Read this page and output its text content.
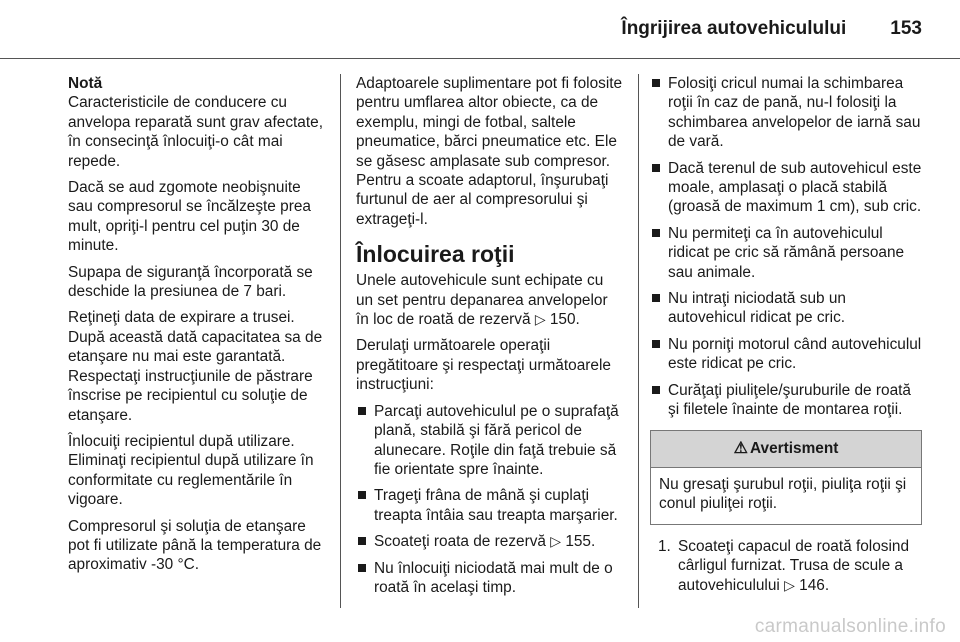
Îngrijirea autovehiculului 153
Notă

Caracteristicile de conducere cu anvelopa reparată sunt grav afectate, în consecinţă înlocuiţi-o cât mai repede.

Dacă se aud zgomote neobişnuite sau compresorul se încălzeşte prea mult, opriţi-l pentru cel puţin 30 de minute.

Supapa de siguranţă încorporată se deschide la presiunea de 7 bari.

Reţineţi data de expirare a trusei. După această dată capacitatea sa de etanşare nu mai este garantată. Respectaţi instrucţiunile de păstrare înscrise pe recipientul cu soluţie de etanşare.

Înlocuiţi recipientul după utilizare. Eliminaţi recipientul după utilizare în conformitate cu reglementările în vigoare.

Compresorul şi soluţia de etanşare pot fi utilizate până la temperatura de aproximativ -30 °C.

Adaptoarele suplimentare pot fi folosite pentru umflarea altor obiecte, ca de exemplu, mingi de fotbal, saltele pneumatice, bărci pneumatice etc. Ele se găsesc amplasate sub compresor. Pentru a scoate adaptorul, înşurubaţi furtunul de aer al compresorului şi extrageţi-l.

Înlocuirea roţii

Unele autovehicule sunt echipate cu un set pentru depanarea anvelopelor în loc de roată de rezervă ▷ 150.

Derulaţi următoarele operaţii pregătitoare şi respectaţi următoarele instrucţiuni:

Parcaţi autovehiculul pe o suprafaţă plană, stabilă şi fără pericol de alunecare. Roţile din faţă trebuie să fie orientate spre înainte.
Trageţi frâna de mână şi cuplaţi treapta întâia sau treapta marşarier.
Scoateţi roata de rezervă ▷ 155.
Nu înlocuiţi niciodată mai mult de o roată în acelaşi timp.
Folosiţi cricul numai la schimbarea roţii în caz de pană, nu-l folosiţi la schimbarea anvelopelor de iarnă sau de vară.
Dacă terenul de sub autovehicul este moale, amplasaţi o placă stabilă (groasă de maximum 1 cm), sub cric.
Nu permiteţi ca în autovehiculul ridicat pe cric să rămână persoane sau animale.
Nu intraţi niciodată sub un autovehicul ridicat pe cric.
Nu porniţi motorul când autovehiculul este ridicat pe cric.
Curăţaţi piuliţele/şuruburile de roată şi filetele înainte de montarea roţii.
⚠ Avertisment
Nu gresaţi şurubul roţii, piuliţa roţii şi conul piuliţei roţii.
1. Scoateţi capacul de roată folosind cârligul furnizat. Trusa de scule a autovehiculului ▷ 146.
carmanualsonline.info
